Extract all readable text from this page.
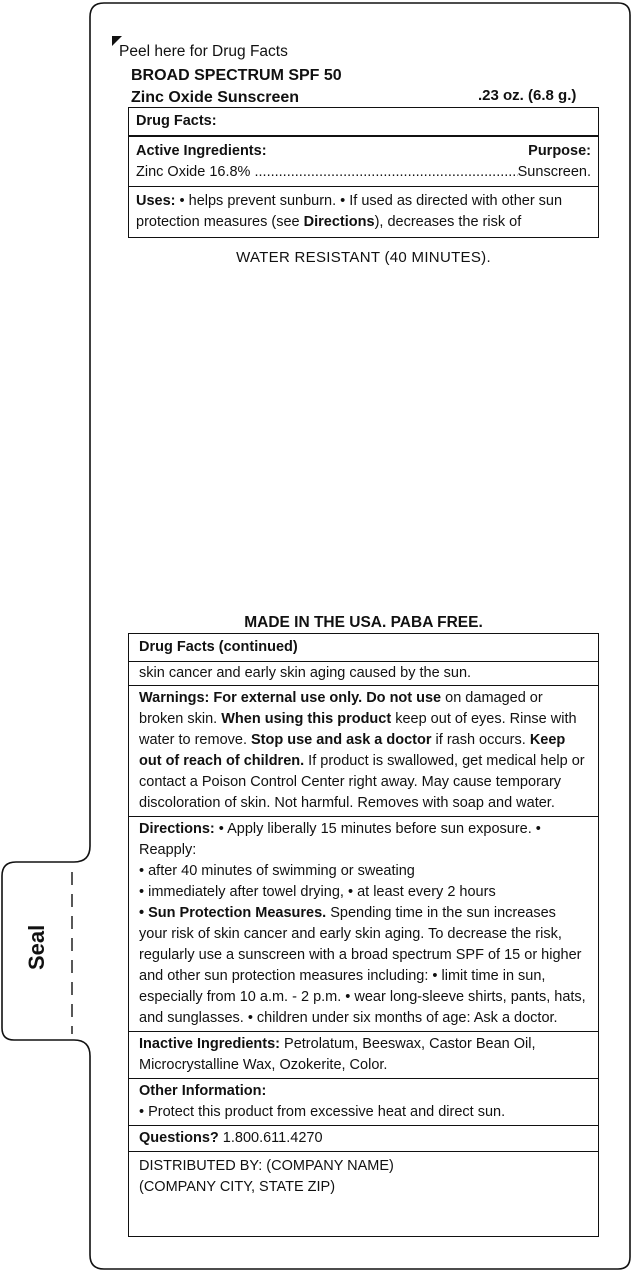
Peel here for Drug Facts
BROAD SPECTRUM SPF 50
Zinc Oxide Sunscreen	.23 oz. (6.8 g.)
Drug Facts:
Active Ingredients:	Purpose:
Zinc Oxide 16.8% .....	Sunscreen.
Uses: • helps prevent sunburn. • If used as directed with other sun protection measures (see Directions), decreases the risk of
WATER RESISTANT (40 MINUTES).
MADE IN THE USA. PABA FREE.
Drug Facts (continued)
skin cancer and early skin aging caused by the sun.
Warnings: For external use only. Do not use on damaged or broken skin. When using this product keep out of eyes. Rinse with water to remove. Stop use and ask a doctor if rash occurs. Keep out of reach of children. If product is swallowed, get medical help or contact a Poison Control Center right away. May cause temporary discoloration of skin. Not harmful. Removes with soap and water.
Directions: • Apply liberally 15 minutes before sun exposure. • Reapply:
• after 40 minutes of swimming or sweating
• immediately after towel drying, • at least every 2 hours
• Sun Protection Measures. Spending time in the sun increases your risk of skin cancer and early skin aging. To decrease the risk, regularly use a sunscreen with a broad spectrum SPF of 15 or higher and other sun protection measures including: • limit time in sun, especially from 10 a.m. - 2 p.m. • wear long-sleeve shirts, pants, hats, and sunglasses. • children under six months of age: Ask a doctor.
Inactive Ingredients: Petrolatum, Beeswax, Castor Bean Oil, Microcrystalline Wax, Ozokerite, Color.
Other Information:
• Protect this product from excessive heat and direct sun.
Questions? 1.800.611.4270
DISTRIBUTED BY: (COMPANY NAME)
(COMPANY CITY, STATE ZIP)
Seal
